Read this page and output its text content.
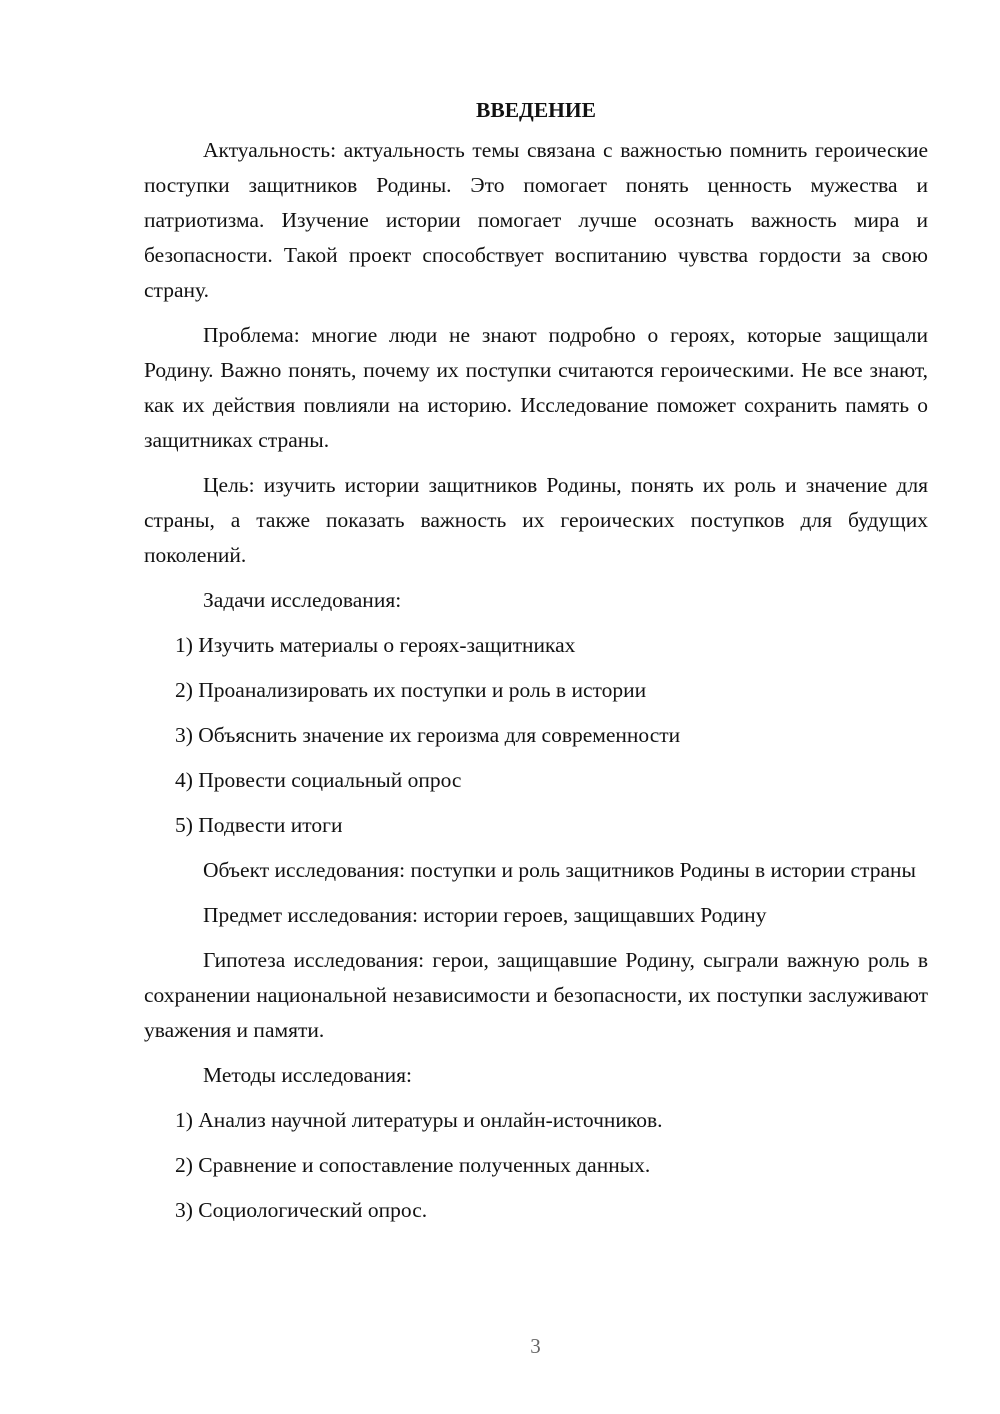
ВВЕДЕНИЕ

Актуальность: актуальность темы связана с важностью помнить героические поступки защитников Родины. Это помогает понять ценность мужества и патриотизма. Изучение истории помогает лучше осознать важность мира и безопасности. Такой проект способствует воспитанию чувства гордости за свою страну.

Проблема: многие люди не знают подробно о героях, которые защищали Родину. Важно понять, почему их поступки считаются героическими. Не все знают, как их действия повлияли на историю. Исследование поможет сохранить память о защитниках страны.

Цель: изучить истории защитников Родины, понять их роль и значение для страны, а также показать важность их героических поступков для будущих поколений.

Задачи исследования:

1) Изучить материалы о героях-защитниках

2) Проанализировать их поступки и роль в истории

3) Объяснить значение их героизма для современности

4) Провести социальный опрос

5) Подвести итоги

Объект исследования: поступки и роль защитников Родины в истории страны

Предмет исследования: истории героев, защищавших Родину

Гипотеза исследования: герои, защищавшие Родину, сыграли важную роль в сохранении национальной независимости и безопасности, их поступки заслуживают уважения и памяти.

Методы исследования:

1) Анализ научной литературы и онлайн-источников.

2) Сравнение и сопоставление полученных данных.

3) Социологический опрос.

3
